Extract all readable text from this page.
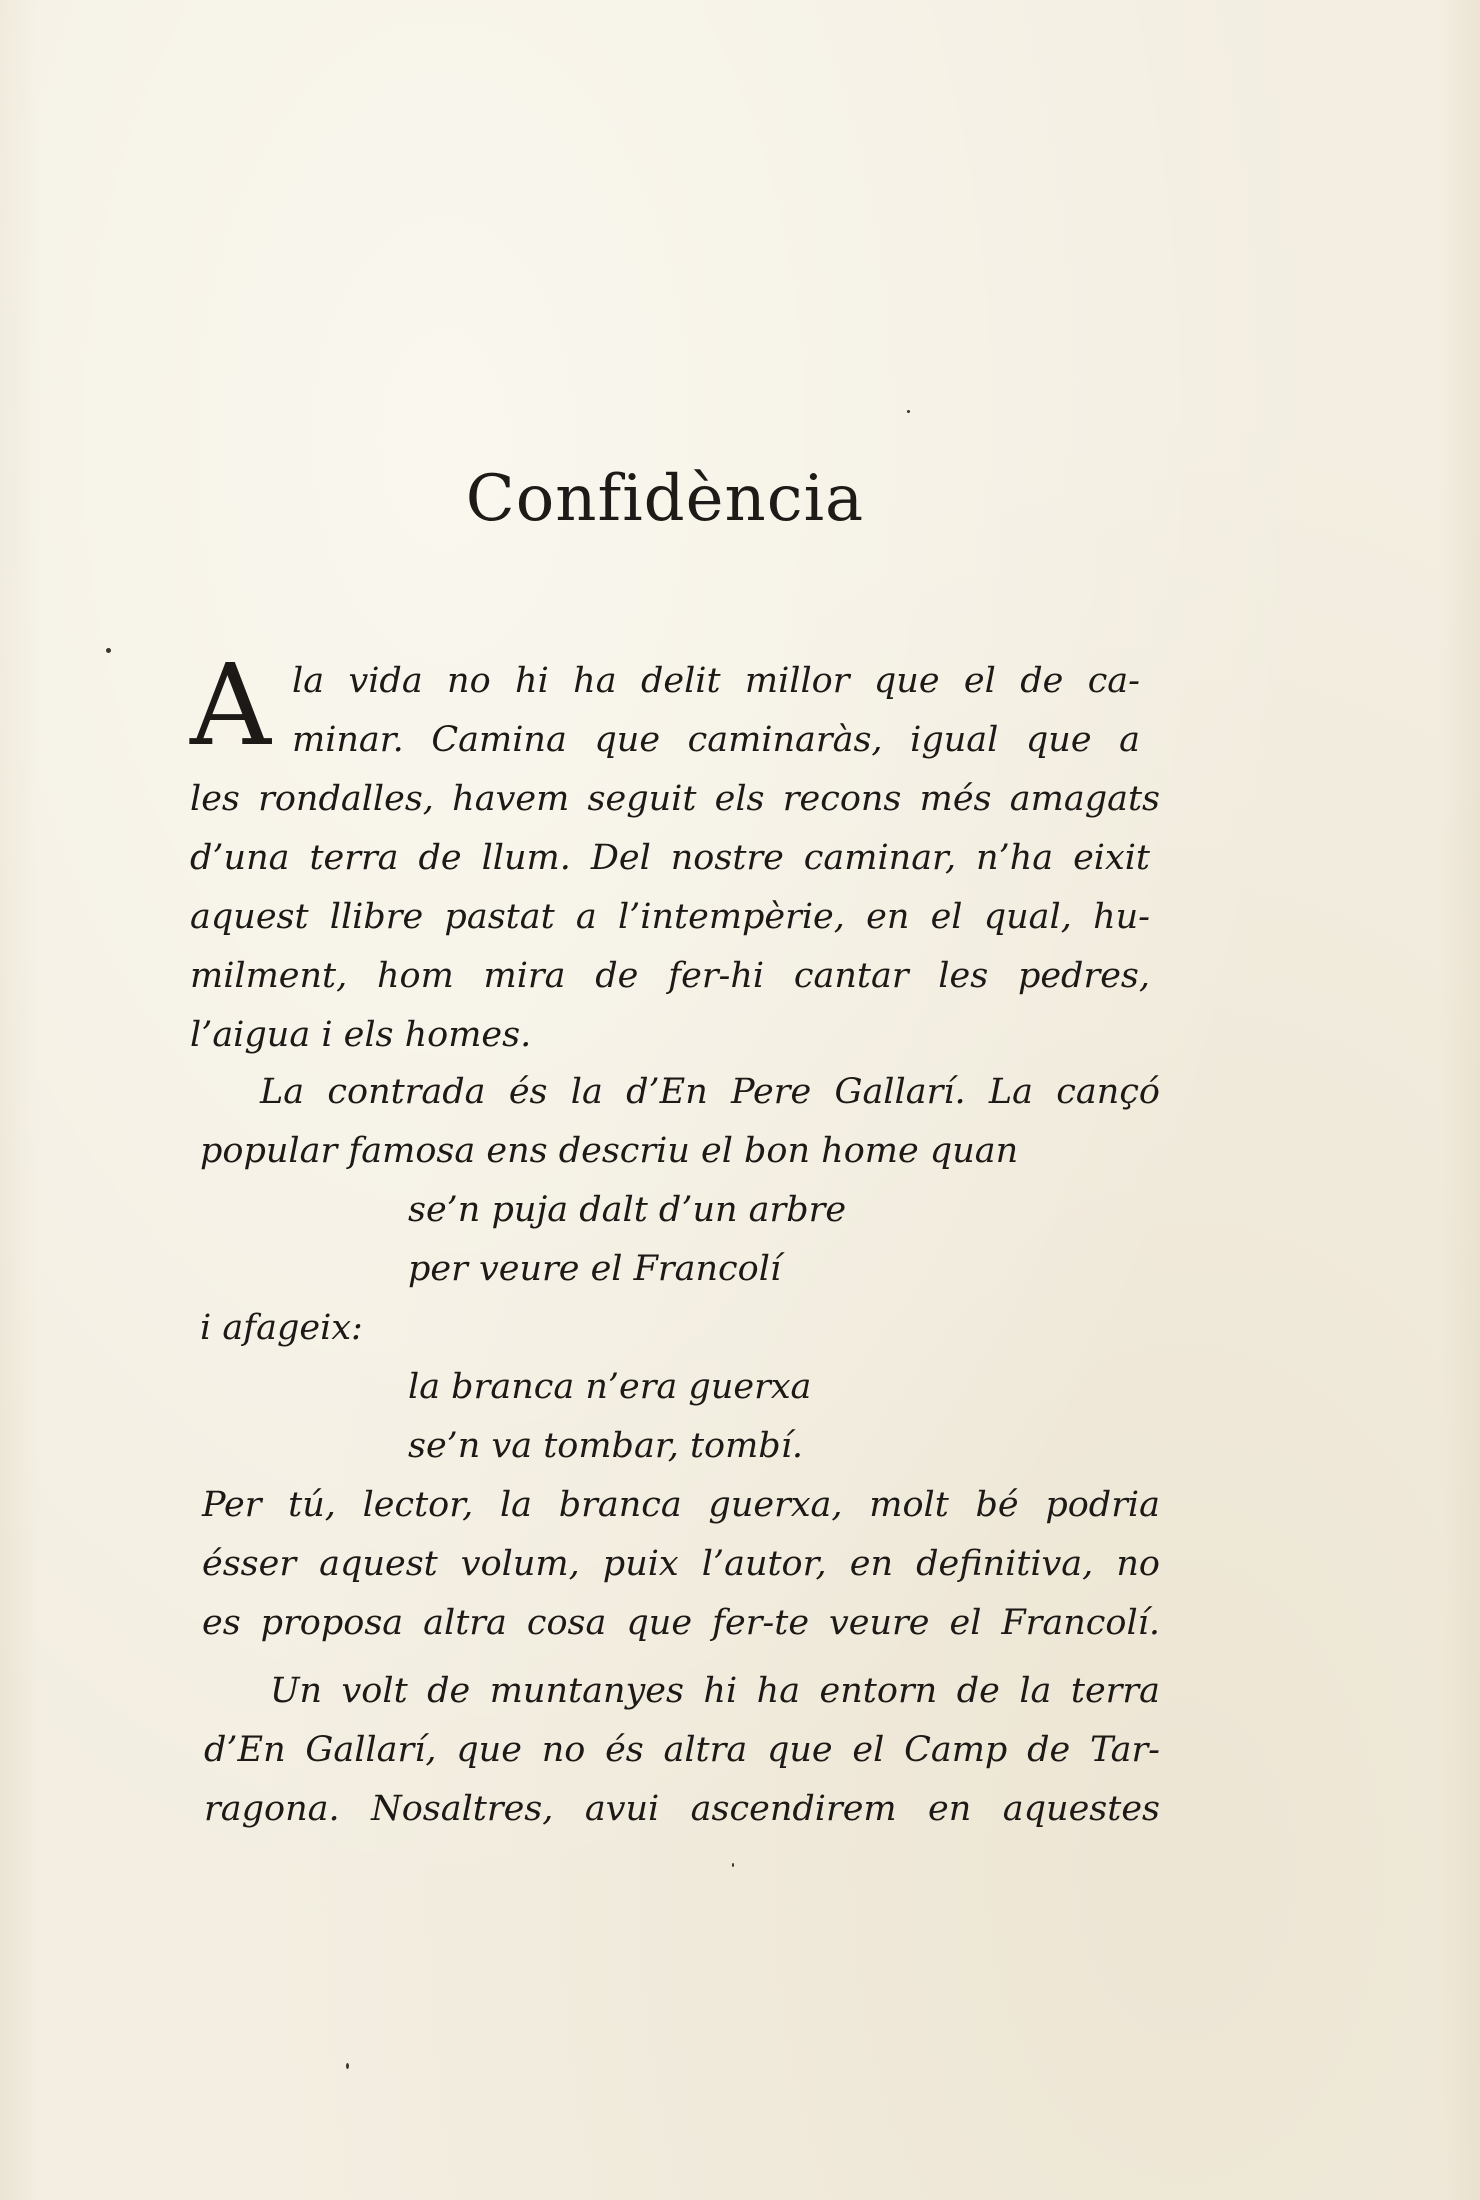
Confidència
A la vida no hi ha delit millor que el de ca-
minar. Camina que caminaràs, igual que a
les rondalles, havem seguit els recons més amagats
d’una terra de llum. Del nostre caminar, n’ha eixit
aquest llibre pastat a l’intempèrie, en el qual, hu-
milment, hom mira de fer-hi cantar les pedres,
l’aigua i els homes.
La contrada és la d’En Pere Gallarí. La cançó
popular famosa ens descriu el bon home quan
se’n puja dalt d’un arbre
per veure el Francolí
i afageix:
la branca n’era guerxa
se’n va tombar, tombí.
Per tú, lector, la branca guerxa, molt bé podria
ésser aquest volum, puix l’autor, en definitiva, no
es proposa altra cosa que fer-te veure el Francolí.
Un volt de muntanyes hi ha entorn de la terra
d’En Gallarí, que no és altra que el Camp de Tar-
ragona. Nosaltres, avui ascendirem en aquestes
